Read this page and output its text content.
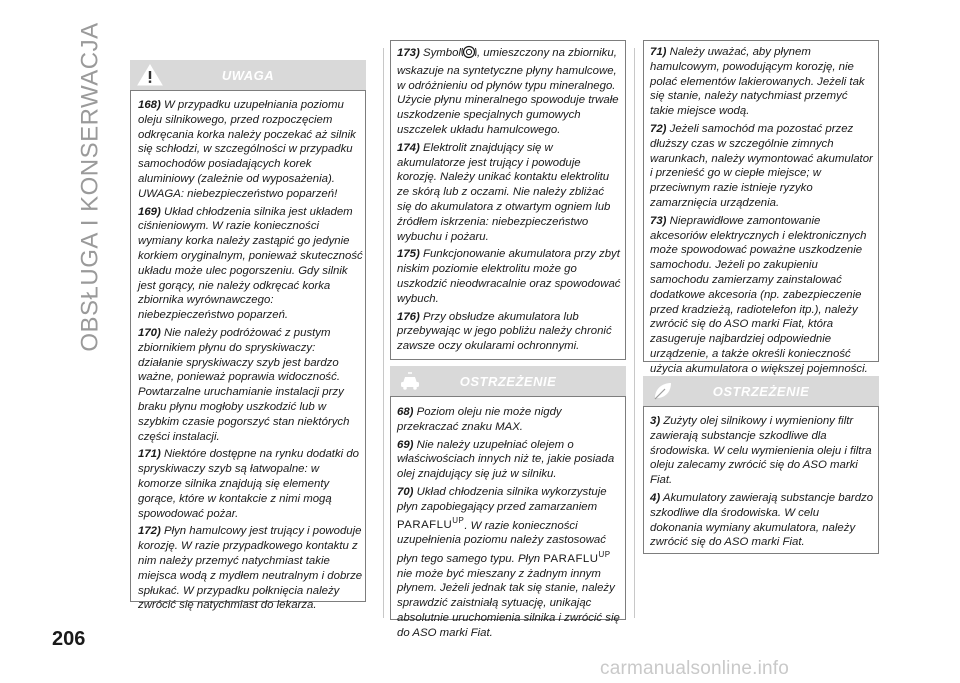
OBSŁUGA I KONSERWACJA	UWAGA

168) W przypadku uzupełniania poziomu oleju silnikowego, przed rozpoczęciem odkręcania korka należy poczekać aż silnik się schłodzi, w szczególności w przypadku samochodów posiadających korek aluminiowy (zależnie od wyposażenia). UWAGA: niebezpieczeństwo poparzeń!

169) Układ chłodzenia silnika jest układem ciśnieniowym. W razie konieczności wymiany korka należy zastąpić go jedynie korkiem oryginalnym, ponieważ skuteczność układu może ulec pogorszeniu. Gdy silnik jest gorący, nie należy odkręcać korka zbiornika wyrównawczego: niebezpieczeństwo poparzeń.

170) Nie należy podróżować z pustym zbiornikiem płynu do spryskiwaczy: działanie spryskiwaczy szyb jest bardzo ważne, ponieważ poprawia widoczność. Powtarzalne uruchamianie instalacji przy braku płynu mogłoby uszkodzić lub w szybkim czasie pogorszyć stan niektórych części instalacji.

171) Niektóre dostępne na rynku dodatki do spryskiwaczy szyb są łatwopalne: w komorze silnika znajdują się elementy gorące, które w kontakcie z nimi mogą spowodować pożar.

172) Płyn hamulcowy jest trujący i powoduje korozję. W razie przypadkowego kontaktu z nim należy przemyć natychmiast takie miejsca wodą z mydłem neutralnym i dobrze spłukać. W przypadku połknięcia należy zwrócić się natychmiast do lekarza.

173) Symbol , umieszczony na zbiorniku, wskazuje na syntetyczne płyny hamulcowe, w odróżnieniu od płynów typu mineralnego. Użycie płynu mineralnego spowoduje trwałe uszkodzenie specjalnych gumowych uszczelek układu hamulcowego.

174) Elektrolit znajdujący się w akumulatorze jest trujący i powoduje korozję. Należy unikać kontaktu elektrolitu ze skórą lub z oczami. Nie należy zbliżać się do akumulatora z otwartym ogniem lub źródłem iskrzenia: niebezpieczeństwo wybuchu i pożaru.

175) Funkcjonowanie akumulatora przy zbyt niskim poziomie elektrolitu może go uszkodzić nieodwracalnie oraz spowodować wybuch.

176) Przy obsłudze akumulatora lub przebywając w jego pobliżu należy chronić zawsze oczy okularami ochronnymi.

OSTRZEŻENIE

68) Poziom oleju nie może nigdy przekraczać znaku MAX.

69) Nie należy uzupełniać olejem o właściwościach innych niż te, jakie posiada olej znajdujący się już w silniku.

70) Układ chłodzenia silnika wykorzystuje płyn zapobiegający przed zamarzaniem $PARAFLU^{UP}$. W razie konieczności uzupełnienia poziomu należy zastosować płyn tego samego typu. Płyn $PARAFLU^{UP}$ nie może być mieszany z żadnym innym płynem. Jeżeli jednak tak się stanie, należy sprawdzić zaistniałą sytuację, unikając absolutnie uruchomienia silnika i zwrócić się do ASO marki Fiat.

71) Należy uważać, aby płynem hamulcowym, powodującym korozję, nie polać elementów lakierowanych. Jeżeli tak się stanie, należy natychmiast przemyć takie miejsce wodą.

72) Jeżeli samochód ma pozostać przez dłuższy czas w szczególnie zimnych warunkach, należy wymontować akumulator i przenieść go w ciepłe miejsce; w przeciwnym razie istnieje ryzyko zamarznięcia urządzenia.

73) Nieprawidłowe zamontowanie akcesoriów elektrycznych i elektronicznych może spowodować poważne uszkodzenie samochodu. Jeżeli po zakupieniu samochodu zamierzamy zainstalować dodatkowe akcesoria (np. zabezpieczenie przed kradzieżą, radiotelefon itp.), należy zwrócić się do ASO marki Fiat, która zasugeruje najbardziej odpowiednie urządzenie, a także określi konieczność użycia akumulatora o większej pojemności.

OSTRZEŻENIE

3) Zużyty olej silnikowy i wymieniony filtr zawierają substancje szkodliwe dla środowiska. W celu wymienienia oleju i filtra oleju zalecamy zwrócić się do ASO marki Fiat.

4) Akumulatory zawierają substancje bardzo szkodliwe dla środowiska. W celu dokonania wymiany akumulatora, należy zwrócić się do ASO marki Fiat.

206
carmanualsonline.info
